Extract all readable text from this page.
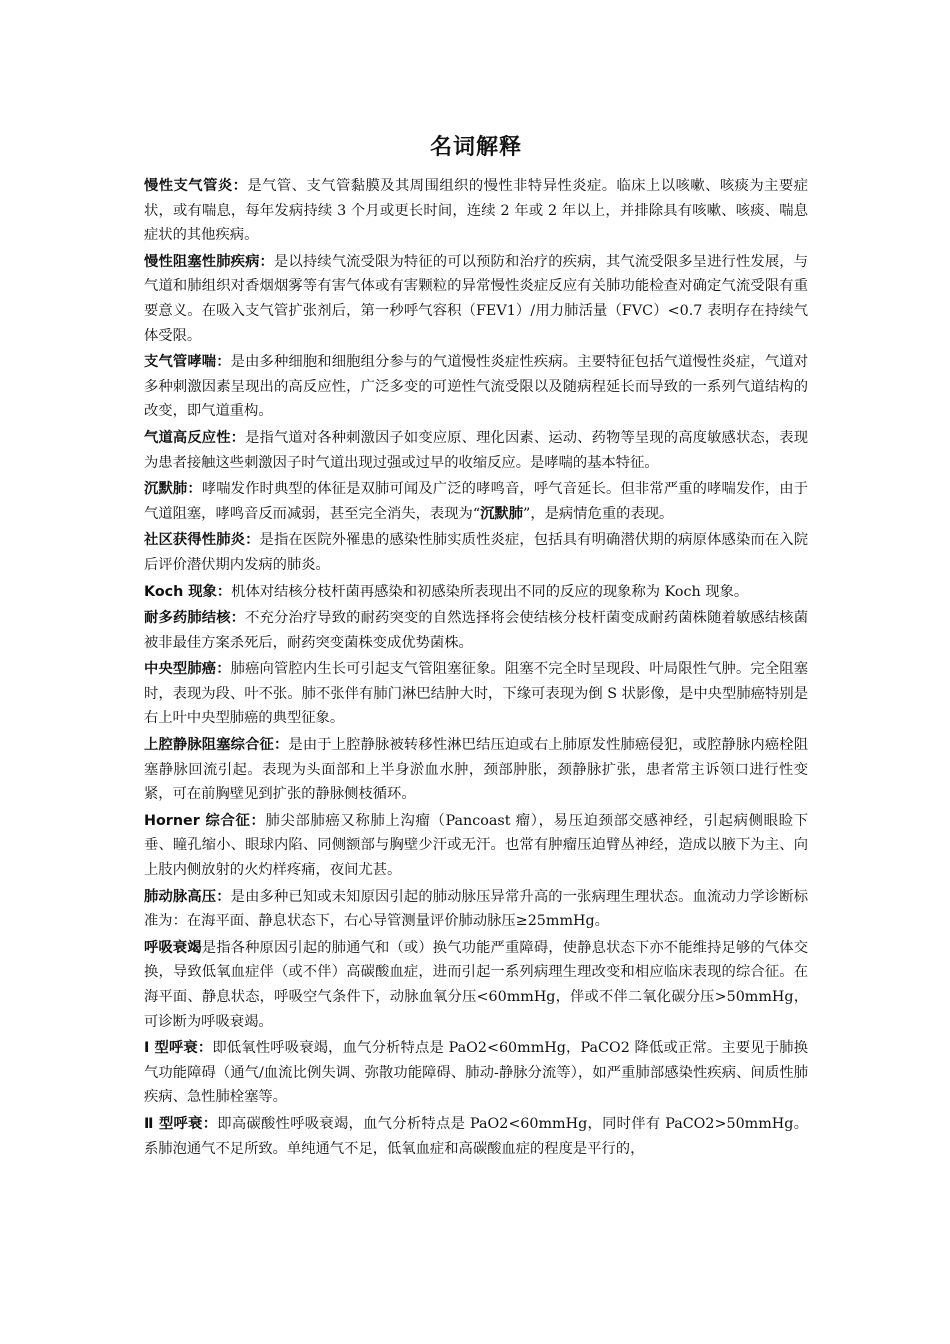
名词解释

慢性支气管炎：是气管、支气管黏膜及其周围组织的慢性非特异性炎症。临床上以咳嗽、咳痰为主要症状，或有喘息，每年发病持续 3 个月或更长时间，连续 2 年或 2 年以上，并排除具有咳嗽、咳痰、喘息症状的其他疾病。

慢性阻塞性肺疾病：是以持续气流受限为特征的可以预防和治疗的疾病，其气流受限多呈进行性发展，与气道和肺组织对香烟烟雾等有害气体或有害颗粒的异常慢性炎症反应有关肺功能检查对确定气流受限有重要意义。在吸入支气管扩张剂后，第一秒呼气容积（FEV1）/用力肺活量（FVC）<0.7 表明存在持续气体受限。

支气管哮喘：是由多种细胞和细胞组分参与的气道慢性炎症性疾病。主要特征包括气道慢性炎症，气道对多种刺激因素呈现出的高反应性，广泛多变的可逆性气流受限以及随病程延长而导致的一系列气道结构的改变，即气道重构。

气道高反应性：是指气道对各种刺激因子如变应原、理化因素、运动、药物等呈现的高度敏感状态，表现为患者接触这些刺激因子时气道出现过强或过早的收缩反应。是哮喘的基本特征。

沉默肺：哮喘发作时典型的体征是双肺可闻及广泛的哮鸣音，呼气音延长。但非常严重的哮喘发作，由于气道阻塞，哮鸣音反而减弱，甚至完全消失，表现为“沉默肺”，是病情危重的表现。

社区获得性肺炎：是指在医院外罹患的感染性肺实质性炎症，包括具有明确潜伏期的病原体感染而在入院后评价潜伏期内发病的肺炎。

Koch 现象：机体对结核分枝杆菌再感染和初感染所表现出不同的反应的现象称为 Koch 现象。

耐多药肺结核：不充分治疗导致的耐药突变的自然选择将会使结核分枝杆菌变成耐药菌株随着敏感结核菌被非最佳方案杀死后，耐药突变菌株变成优势菌株。

中央型肺癌：肺癌向管腔内生长可引起支气管阻塞征象。阻塞不完全时呈现段、叶局限性气肿。完全阻塞时，表现为段、叶不张。肺不张伴有肺门淋巴结肿大时，下缘可表现为倒 S 状影像，是中央型肺癌特别是右上叶中央型肺癌的典型征象。

上腔静脉阻塞综合征：是由于上腔静脉被转移性淋巴结压迫或右上肺原发性肺癌侵犯，或腔静脉内癌栓阻塞静脉回流引起。表现为头面部和上半身淤血水肿，颈部肿胀，颈静脉扩张，患者常主诉领口进行性变紧，可在前胸壁见到扩张的静脉侧枝循环。

Horner 综合征：肺尖部肺癌又称肺上沟瘤（Pancoast 瘤），易压迫颈部交感神经，引起病侧眼睑下垂、瞳孔缩小、眼球内陷、同侧额部与胸壁少汗或无汗。也常有肿瘤压迫臂丛神经，造成以腋下为主、向上肢内侧放射的火灼样疼痛，夜间尤甚。

肺动脉高压：是由多种已知或未知原因引起的肺动脉压异常升高的一张病理生理状态。血流动力学诊断标准为：在海平面、静息状态下，右心导管测量评价肺动脉压≥25mmHg。

呼吸衰竭是指各种原因引起的肺通气和（或）换气功能严重障碍，使静息状态下亦不能维持足够的气体交换，导致低氧血症伴（或不伴）高碳酸血症，进而引起一系列病理生理改变和相应临床表现的综合征。在海平面、静息状态，呼吸空气条件下，动脉血氧分压<60mmHg，伴或不伴二氧化碳分压>50mmHg，可诊断为呼吸衰竭。

I 型呼衰：即低氧性呼吸衰竭，血气分析特点是 PaO2<60mmHg，PaCO2 降低或正常。主要见于肺换气功能障碍（通气/血流比例失调、弥散功能障碍、肺动-静脉分流等），如严重肺部感染性疾病、间质性肺疾病、急性肺栓塞等。

Ⅱ 型呼衰：即高碳酸性呼吸衰竭，血气分析特点是 PaO2<60mmHg，同时伴有 PaCO2>50mmHg。系肺泡通气不足所致。单纯通气不足，低氧血症和高碳酸血症的程度是平行的，
